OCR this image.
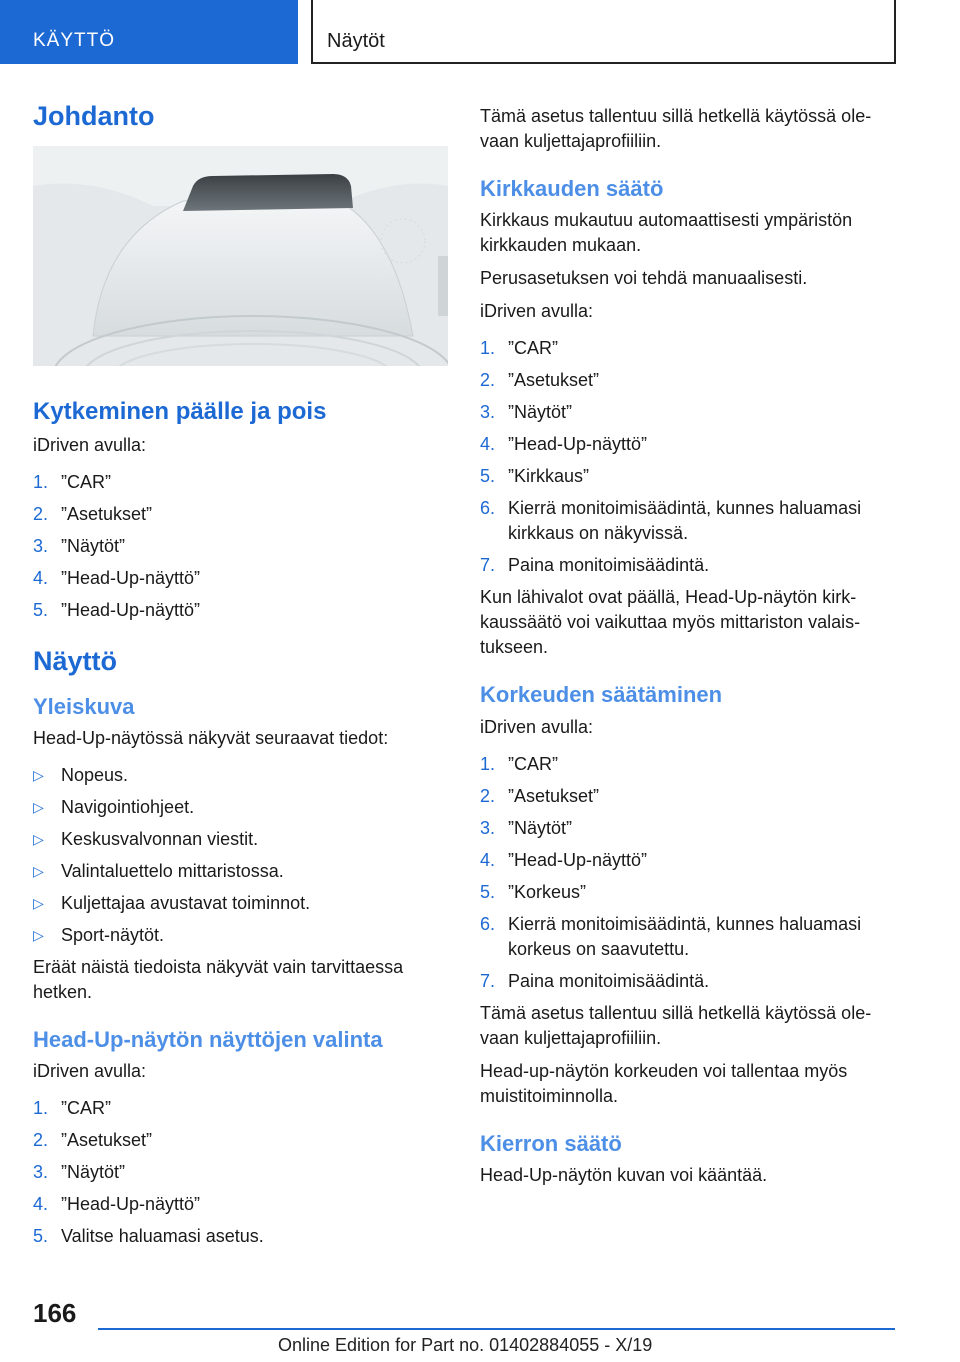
KÄYTTÖ	Näytöt
Johdanto
Kytkeminen päälle ja pois

iDriven avulla:

1. ”CAR”
2. ”Asetukset”
3. ”Näytöt”
4. ”Head-Up-näyttö”
5. ”Head-Up-näyttö”
Näyttö
Yleiskuva

Head-Up-näytössä näkyvät seuraavat tiedot:

▷ Nopeus.
▷ Navigointiohjeet.
▷ Keskusvalvonnan viestit.
▷ Valintaluettelo mittaristossa.
▷ Kuljettajaa avustavat toiminnot.
▷ Sport-näytöt.

Eräät näistä tiedoista näkyvät vain tarvittaessa hetken.

Head-Up-näytön näyttöjen valinta

iDriven avulla:

1. ”CAR”
2. ”Asetukset”
3. ”Näytöt”
4. ”Head-Up-näyttö”
5. Valitse haluamasi asetus.

Tämä asetus tallentuu sillä hetkellä käytössä ole- vaan kuljettajaprofiiliin.

Kirkkauden säätö

Kirkkaus mukautuu automaattisesti ympäristön kirkkauden mukaan.

Perusasetuksen voi tehdä manuaalisesti.

iDriven avulla:

1. ”CAR”
2. ”Asetukset”
3. ”Näytöt”
4. ”Head-Up-näyttö”
5. ”Kirkkaus”
6. Kierrä monitoimisäädintä, kunnes haluamasi kirkkaus on näkyvissä.
7. Paina monitoimisäädintä.

Kun lähivalot ovat päällä, Head-Up-näytön kirk- kaussäätö voi vaikuttaa myös mittariston valais- tukseen.

Korkeuden säätäminen

iDriven avulla:

1. ”CAR”
2. ”Asetukset”
3. ”Näytöt”
4. ”Head-Up-näyttö”
5. ”Korkeus”
6. Kierrä monitoimisäädintä, kunnes haluamasi korkeus on saavutettu.
7. Paina monitoimisäädintä.

Tämä asetus tallentuu sillä hetkellä käytössä ole- vaan kuljettajaprofiiliin.

Head-up-näytön korkeuden voi tallentaa myös muistitoiminnolla.

Kierron säätö

Head-Up-näytön kuvan voi kääntää.

166
Online Edition for Part no. 01402884055 - X/19
